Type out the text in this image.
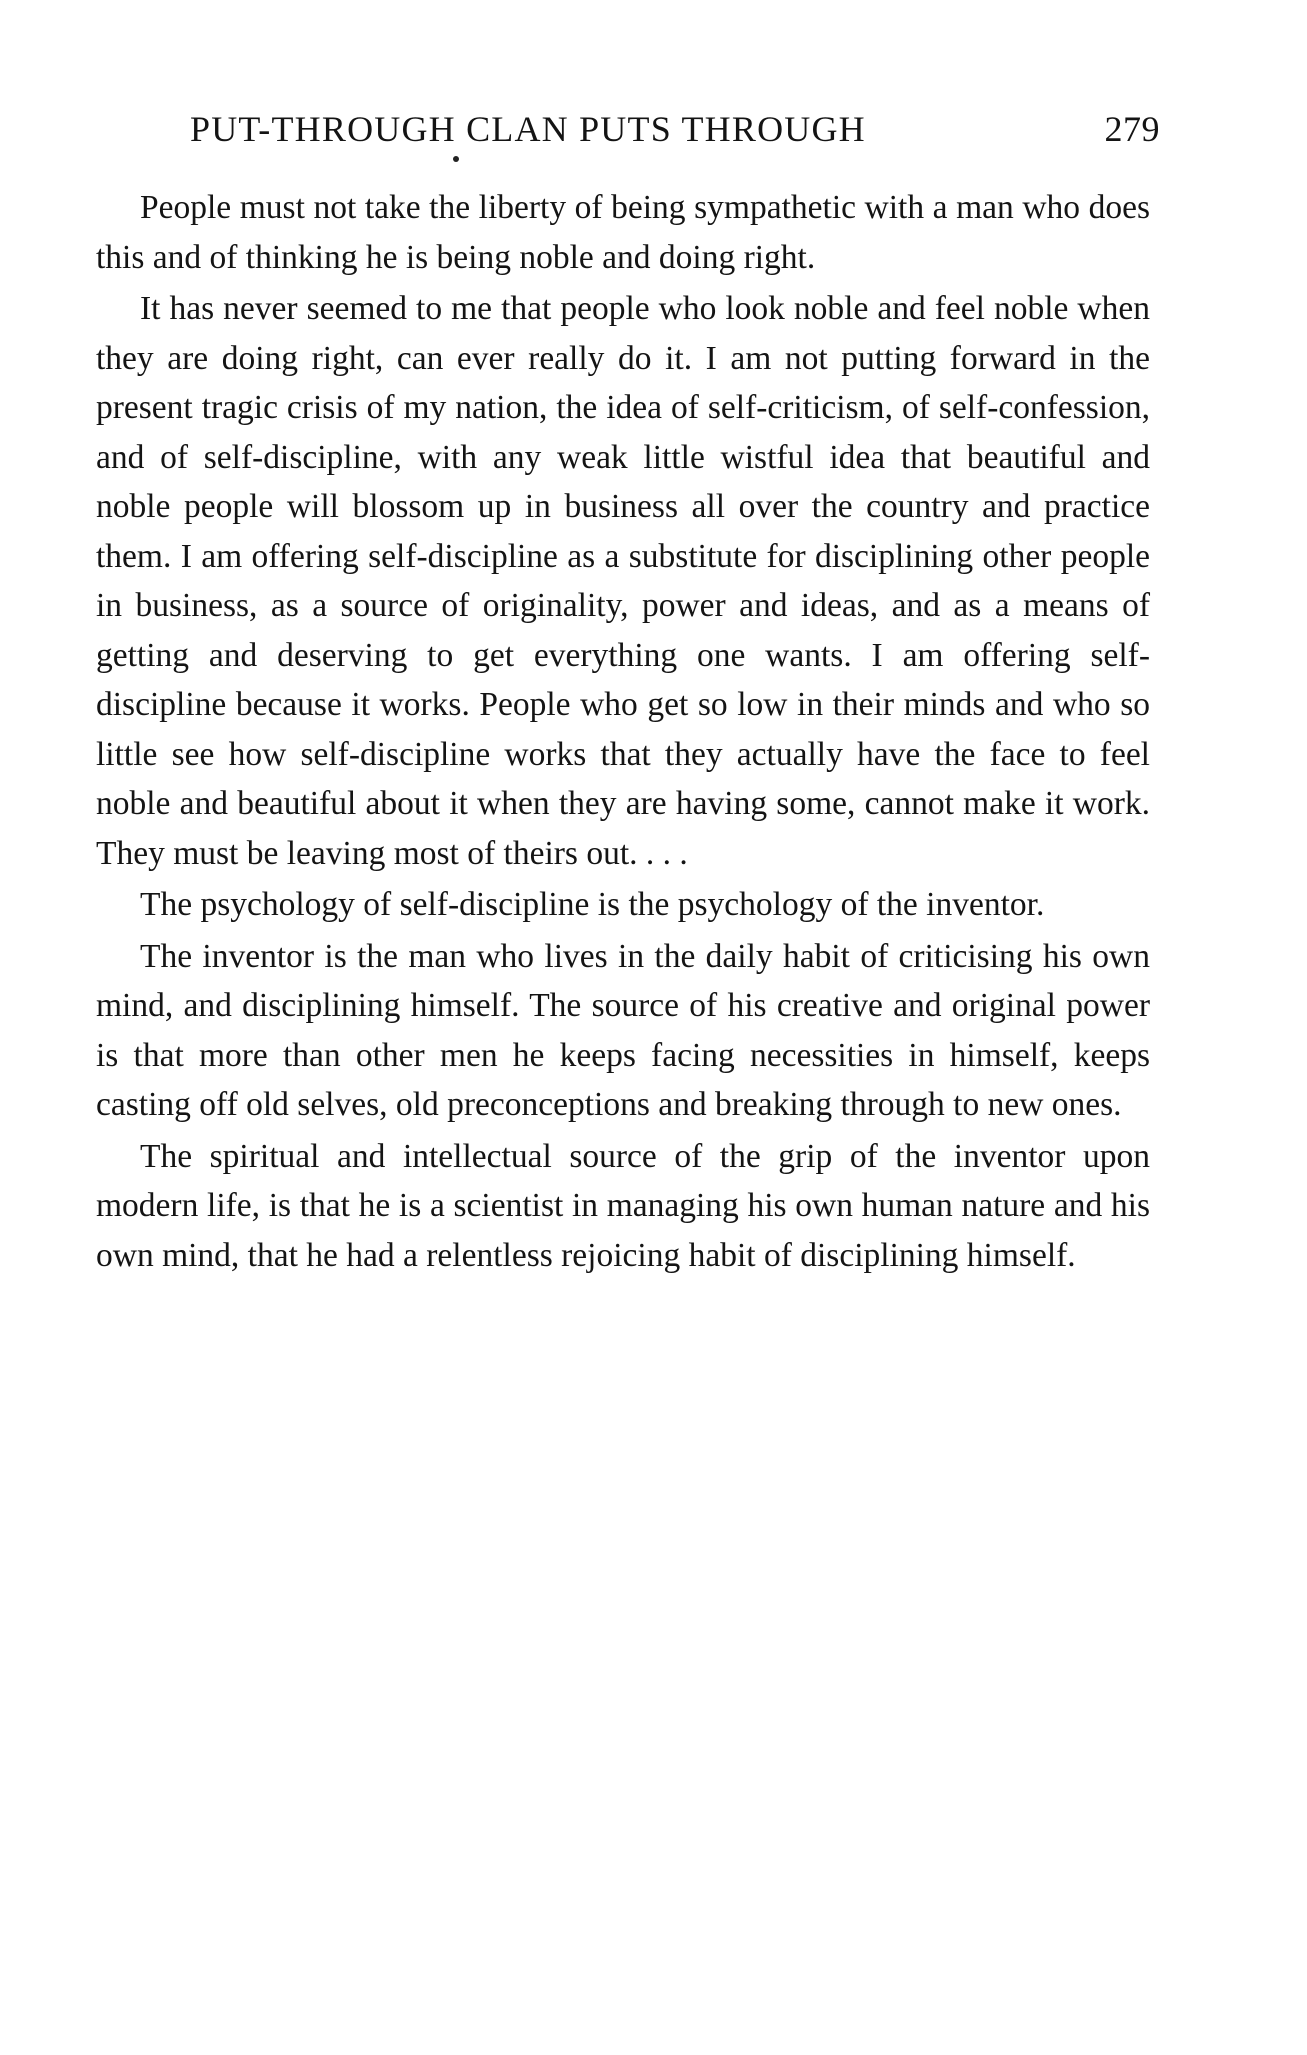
PUT-THROUGH CLAN PUTS THROUGH	279

People must not take the liberty of being sympathetic with a man who does this and of thinking he is being noble and doing right.

It has never seemed to me that people who look noble and feel noble when they are doing right, can ever really do it. I am not putting forward in the present tragic crisis of my nation, the idea of self-criticism, of self-confession, and of self-discipline, with any weak little wistful idea that beautiful and noble people will blossom up in business all over the country and practice them. I am offering self-discipline as a substitute for disciplining other people in business, as a source of originality, power and ideas, and as a means of getting and deserving to get everything one wants. I am offering self-discipline because it works. People who get so low in their minds and who so little see how self-discipline works that they actually have the face to feel noble and beautiful about it when they are having some, cannot make it work. They must be leaving most of theirs out. . . .

The psychology of self-discipline is the psychology of the inventor.

The inventor is the man who lives in the daily habit of criticising his own mind, and disciplining himself. The source of his creative and original power is that more than other men he keeps facing necessities in himself, keeps casting off old selves, old preconceptions and breaking through to new ones.

The spiritual and intellectual source of the grip of the inventor upon modern life, is that he is a scientist in managing his own human nature and his own mind, that he had a relentless rejoicing habit of disciplining himself.
